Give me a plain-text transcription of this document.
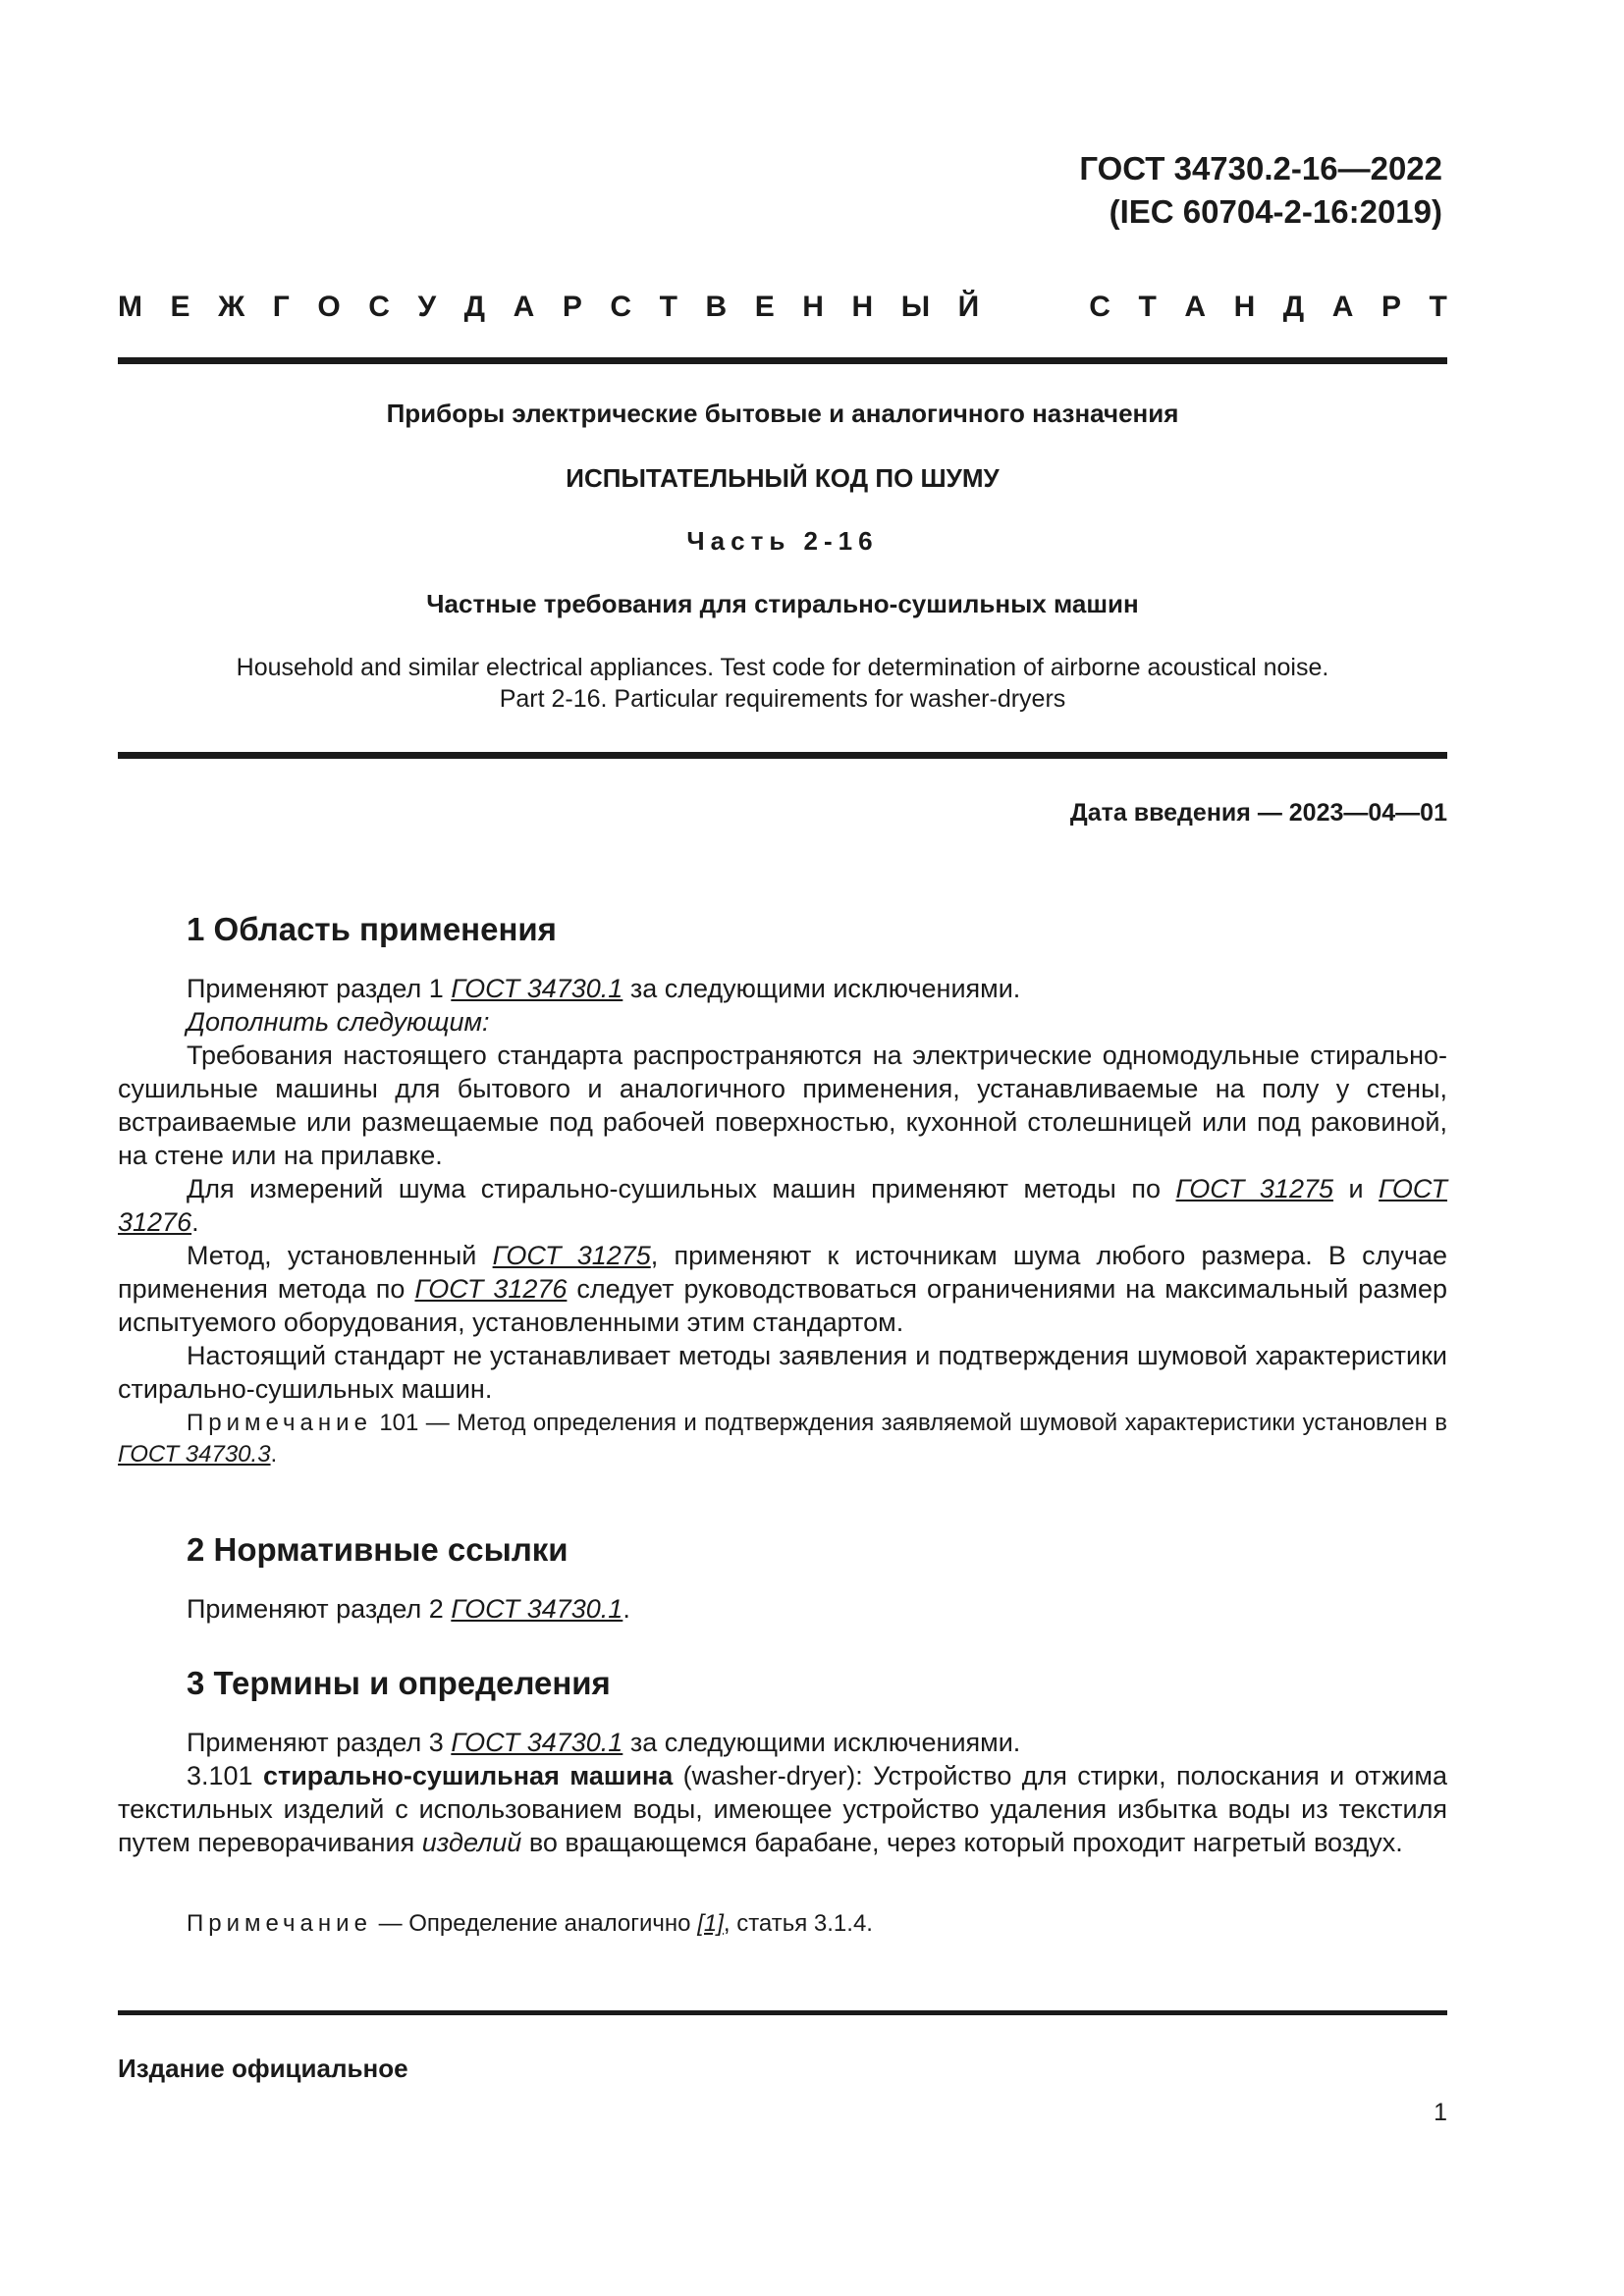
ГОСТ 34730.2-16—2022
(IEC 60704-2-16:2019)
М Е Ж Г О С У Д А Р С Т В Е Н Н Ы Й	С Т А Н Д А Р Т
Приборы электрические бытовые и аналогичного назначения
ИСПЫТАТЕЛЬНЫЙ КОД ПО ШУМУ
Часть 2-16
Частные требования для стирально-сушильных машин
Household and similar electrical appliances. Test code for determination of airborne acoustical noise.
Part 2-16. Particular requirements for washer-dryers
Дата введения — 2023—04—01
1 Область применения

Применяют раздел 1 ГОСТ 34730.1 за следующими исключениями.

Дополнить следующим:

Требования настоящего стандарта распространяются на электрические одномодульные стирально-сушильные машины для бытового и аналогичного применения, устанавливаемые на полу у стены, встраиваемые или размещаемые под рабочей поверхностью, кухонной столешницей или под раковиной, на стене или на прилавке.

Для измерений шума стирально-сушильных машин применяют методы по ГОСТ 31275 и ГОСТ 31276.

Метод, установленный ГОСТ 31275, применяют к источникам шума любого размера. В случае применения метода по ГОСТ 31276 следует руководствоваться ограничениями на максимальный размер испытуемого оборудования, установленными этим стандартом.

Настоящий стандарт не устанавливает методы заявления и подтверждения шумовой характеристики стирально-сушильных машин.

Примечание 101 — Метод определения и подтверждения заявляемой шумовой характеристики установлен в ГОСТ 34730.3.

2 Нормативные ссылки

Применяют раздел 2 ГОСТ 34730.1.

3 Термины и определения

Применяют раздел 3 ГОСТ 34730.1 за следующими исключениями.

3.101 стирально-сушильная машина (washer-dryer): Устройство для стирки, полоскания и отжима текстильных изделий с использованием воды, имеющее устройство удаления избытка воды из текстиля путем переворачивания изделий во вращающемся барабане, через который проходит нагретый воздух.

Примечание — Определение аналогично [1], статья 3.1.4.

Издание официальное
1
